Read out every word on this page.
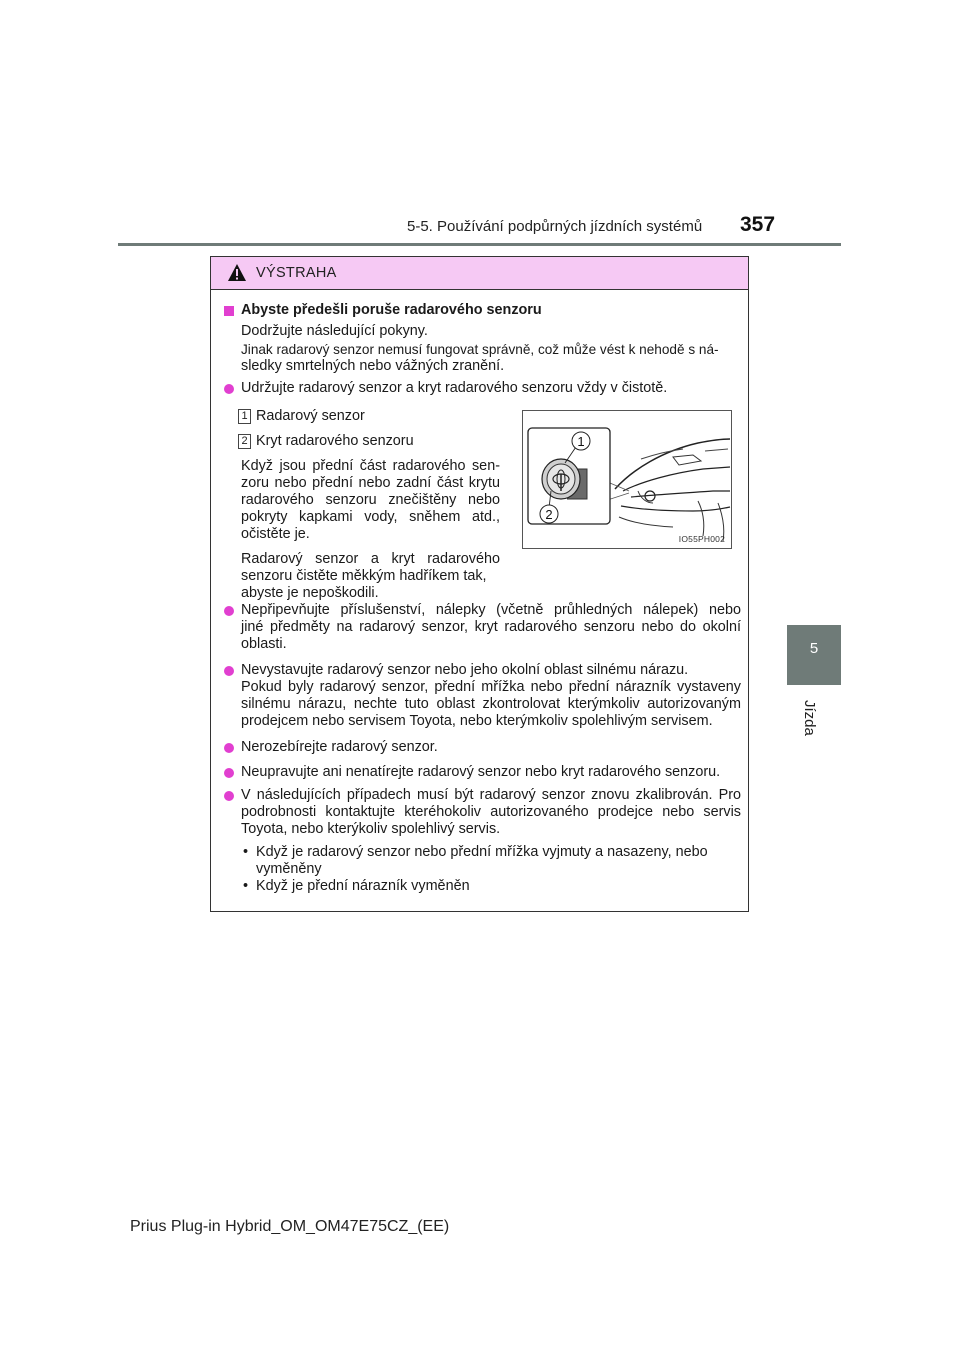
5-5. Používání podpůrných jízdních systémů 357
5
Jízda
VÝSTRAHA
Abyste předešli poruše radarového senzoru
Dodržujte následující pokyny.
Jinak radarový senzor nemusí fungovat správně, což může vést k nehodě s ná-
sledky smrtelných nebo vážných zranění.
Udržujte radarový senzor a kryt radarového senzoru vždy v čistotě.
1 Radarový senzor
2 Kryt radarového senzoru
Když jsou přední část radarového sen-
zoru nebo přední nebo zadní část krytu
radarového senzoru znečištěny nebo
pokryty kapkami vody, sněhem atd.,
očistěte je.
Radarový senzor a kryt radarového
senzoru čistěte měkkým hadříkem tak,
abyste je nepoškodili.
Nepřipevňujte příslušenství, nálepky (včetně průhledných nálepek) nebo
jiné předměty na radarový senzor, kryt radarového senzoru nebo do okolní
oblasti.
Nevystavujte radarový senzor nebo jeho okolní oblast silnému nárazu.
Pokud byly radarový senzor, přední mřížka nebo přední nárazník vystaveny
silnému nárazu, nechte tuto oblast zkontrolovat kterýmkoliv autorizovaným
prodejcem nebo servisem Toyota, nebo kterýmkoliv spolehlivým servisem.
Nerozebírejte radarový senzor.
Neupravujte ani nenatírejte radarový senzor nebo kryt radarového senzoru.
V následujících případech musí být radarový senzor znovu zkalibrován. Pro
podrobnosti kontaktujte kteréhokoliv autorizovaného prodejce nebo servis
Toyota, nebo kterýkoliv spolehlivý servis.
• Když je radarový senzor nebo přední mřížka vyjmuty a nasazeny, nebo
vyměněny
• Když je přední nárazník vyměněn
1
2
IO55PH002
Prius Plug-in Hybrid_OM_OM47E75CZ_(EE)
